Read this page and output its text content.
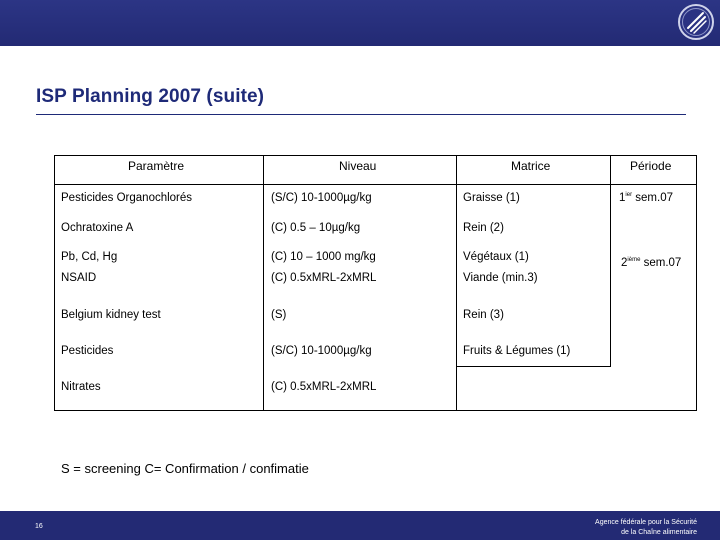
ISP Planning 2007 (suite)
Paramètre	Niveau	Matrice	Période
Pesticides Organochlorés	(S/C) 10-1000µg/kg	Graisse (1)	$1^{ier}$ sem.07
Ochratoxine A	(C) 0.5 – 10µg/kg	Rein (2)
Pb, Cd, Hg	(C) 10 – 1000 mg/kg	Végétaux (1)	2ième sem.07
NSAID	(C) 0.5xMRL-2xMRL	Viande (min.3)
Belgium kidney test	(S)	Rein (3)
Pesticides	(S/C) 10-1000µg/kg	Fruits & Légumes (1)
Nitrates	(C) 0.5xMRL-2xMRL
S = screening C= Confirmation / confimatie
16
Agence fédérale pour la Sécurité
de la Chaîne alimentaire
